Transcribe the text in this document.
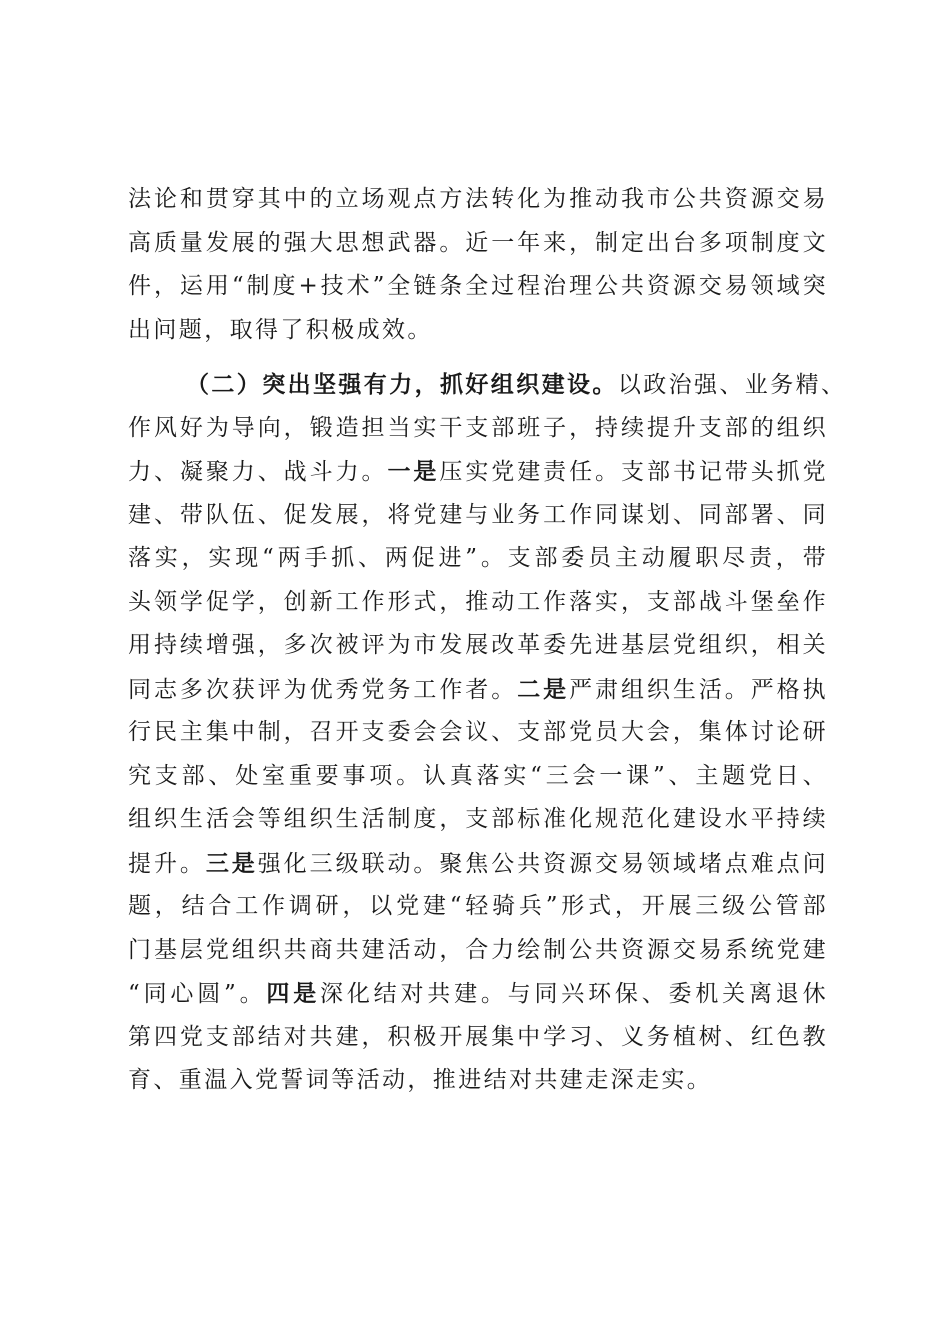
法论和贯穿其中的立场观点方法转化为推动我市公共资源交易
高质量发展的强大思想武器。近一年来，制定出台多项制度文
件，运用“制度+技术”全链条全过程治理公共资源交易领域突
出问题，取得了积极成效。
（二）突出坚强有力，抓好组织建设。以政治强、业务精、
作风好为导向，锻造担当实干支部班子，持续提升支部的组织
力、凝聚力、战斗力。一是压实党建责任。支部书记带头抓党
建、带队伍、促发展，将党建与业务工作同谋划、同部署、同
落实，实现“两手抓、两促进”。支部委员主动履职尽责，带
头领学促学，创新工作形式，推动工作落实，支部战斗堡垒作
用持续增强，多次被评为市发展改革委先进基层党组织，相关
同志多次获评为优秀党务工作者。二是严肃组织生活。严格执
行民主集中制，召开支委会会议、支部党员大会，集体讨论研
究支部、处室重要事项。认真落实“三会一课”、主题党日、
组织生活会等组织生活制度，支部标准化规范化建设水平持续
提升。三是强化三级联动。聚焦公共资源交易领域堵点难点问
题，结合工作调研，以党建“轻骑兵”形式，开展三级公管部
门基层党组织共商共建活动，合力绘制公共资源交易系统党建
“同心圆”。四是深化结对共建。与同兴环保、委机关离退休
第四党支部结对共建，积极开展集中学习、义务植树、红色教
育、重温入党誓词等活动，推进结对共建走深走实。
